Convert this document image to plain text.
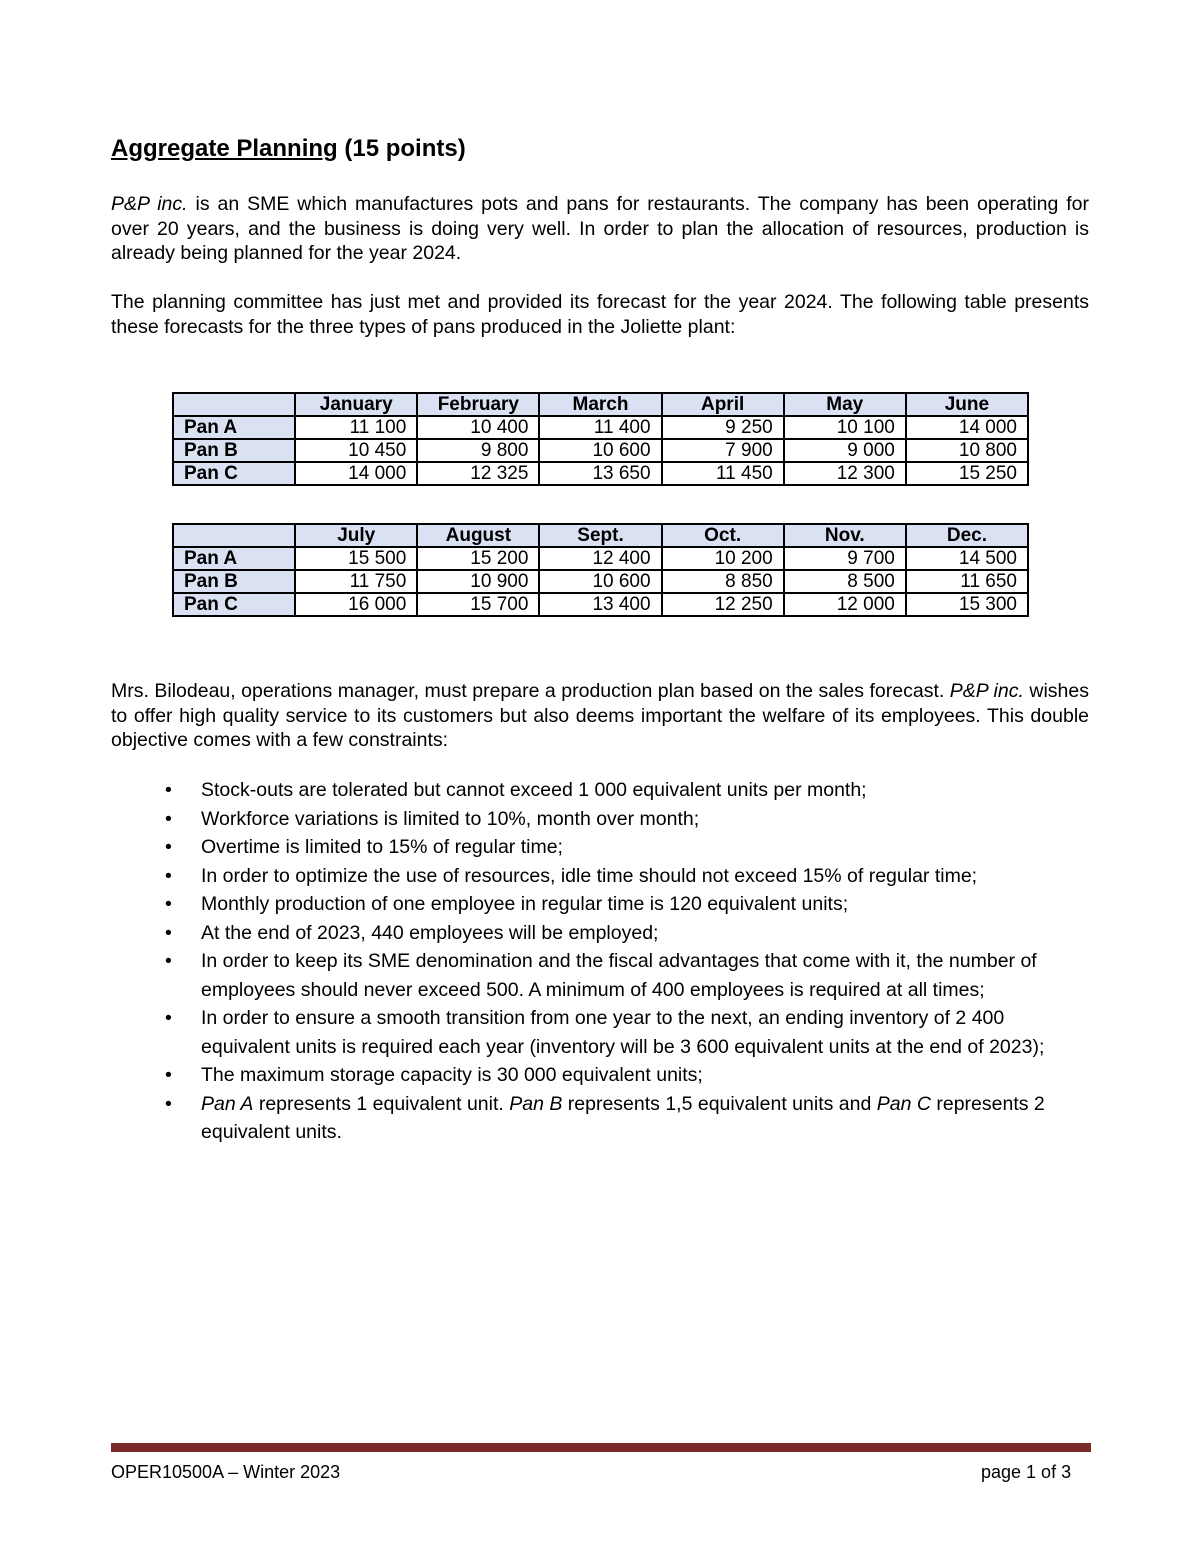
Aggregate Planning (15 points)

P&P inc. is an SME which manufactures pots and pans for restaurants. The company has been operating for over 20 years, and the business is doing very well. In order to plan the allocation of resources, production is already being planned for the year 2024.

The planning committee has just met and provided its forecast for the year 2024. The following table presents these forecasts for the three types of pans produced in the Joliette plant:

	January	February	March	April	May	June
Pan A	11 100	10 400	11 400	9 250	10 100	14 000
Pan B	10 450	9 800	10 600	7 900	9 000	10 800
Pan C	14 000	12 325	13 650	11 450	12 300	15 250
	July	August	Sept.	Oct.	Nov.	Dec.
Pan A	15 500	15 200	12 400	10 200	9 700	14 500
Pan B	11 750	10 900	10 600	8 850	8 500	11 650
Pan C	16 000	15 700	13 400	12 250	12 000	15 300

Mrs. Bilodeau, operations manager, must prepare a production plan based on the sales forecast. P&P inc. wishes to offer high quality service to its customers but also deems important the welfare of its employees. This double objective comes with a few constraints:

• Stock-outs are tolerated but cannot exceed 1 000 equivalent units per month;
• Workforce variations is limited to 10%, month over month;
• Overtime is limited to 15% of regular time;
• In order to optimize the use of resources, idle time should not exceed 15% of regular time;
• Monthly production of one employee in regular time is 120 equivalent units;
• At the end of 2023, 440 employees will be employed;
• In order to keep its SME denomination and the fiscal advantages that come with it, the number of employees should never exceed 500. A minimum of 400 employees is required at all times;
• In order to ensure a smooth transition from one year to the next, an ending inventory of 2 400 equivalent units is required each year (inventory will be 3 600 equivalent units at the end of 2023);
• The maximum storage capacity is 30 000 equivalent units;
• Pan A represents 1 equivalent unit. Pan B represents 1,5 equivalent units and Pan C represents 2 equivalent units.
OPER10500A – Winter 2023	page 1 of 3
